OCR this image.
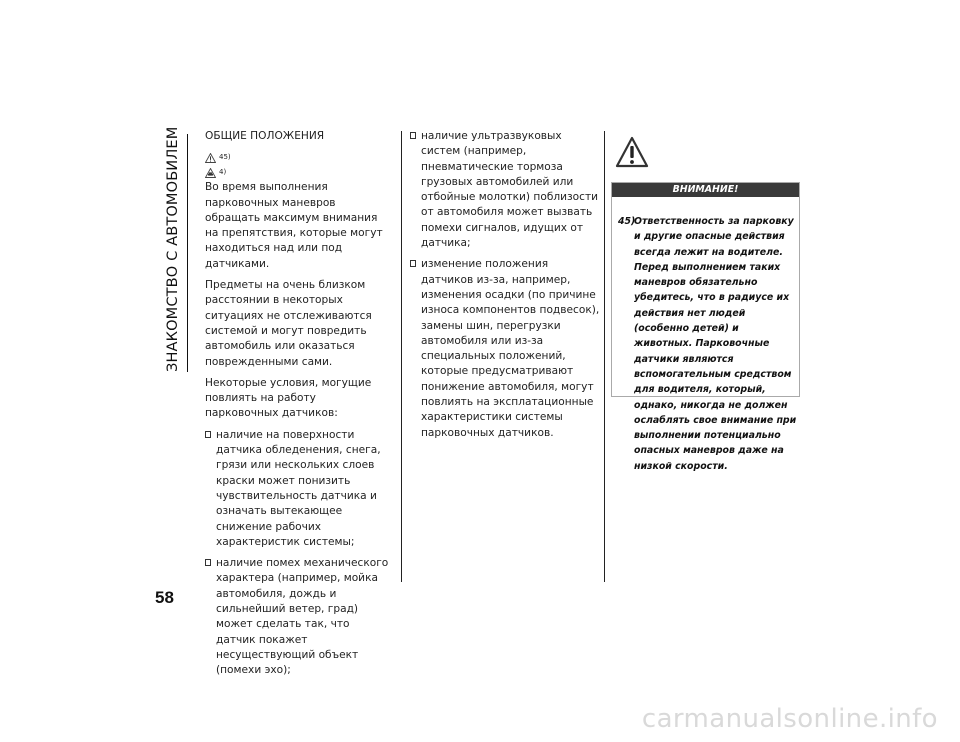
ЗНАКОМСТВО С АВТОМОБИЛЕМ	ОБЩИЕ ПОЛОЖЕНИЯ

45)
4)

Во время выполнения парковочных маневров обращать максимум внимания на препятствия, которые могут находиться над или под датчиками.

Предметы на очень близком расстоянии в некоторых ситуациях не отслеживаются системой и могут повредить автомобиль или оказаться поврежденными сами.

Некоторые условия, могущие повлиять на работу парковочных датчиков:

наличие на поверхности датчика обледенения, снега, грязи или нескольких слоев краски может понизить чувствительность датчика и означать вытекающее снижение рабочих характеристик системы;
наличие помех механического характера (например, мойка автомобиля, дождь и сильнейший ветер, град) может сделать так, что датчик покажет несуществующий объект (помехи эхо);
наличие ультразвуковых систем (например, пневматические тормоза грузовых автомобилей или отбойные молотки) поблизости от автомобиля может вызвать помехи сигналов, идущих от датчика;
изменение положения датчиков из-за, например, изменения осадки (по причине износа компонентов подвесок), замены шин, перегрузки автомобиля или из-за специальных положений, которые предусматривают понижение автомобиля, могут повлиять на эксплатационные характеристики системы парковочных датчиков.
ВНИМАНИЕ!
45)
Ответственность за парковку и другие опасные действия всегда лежит на водителе. Перед выполнением таких маневров обязательно убедитесь, что в радиусе их действия нет людей (особенно детей) и животных. Парковочные датчики являются вспомогательным средством для водителя, который, однако, никогда не должен ослаблять свое внимание при выполнении потенциально опасных маневров даже на низкой скорости.
58
carmanualsonline.info
